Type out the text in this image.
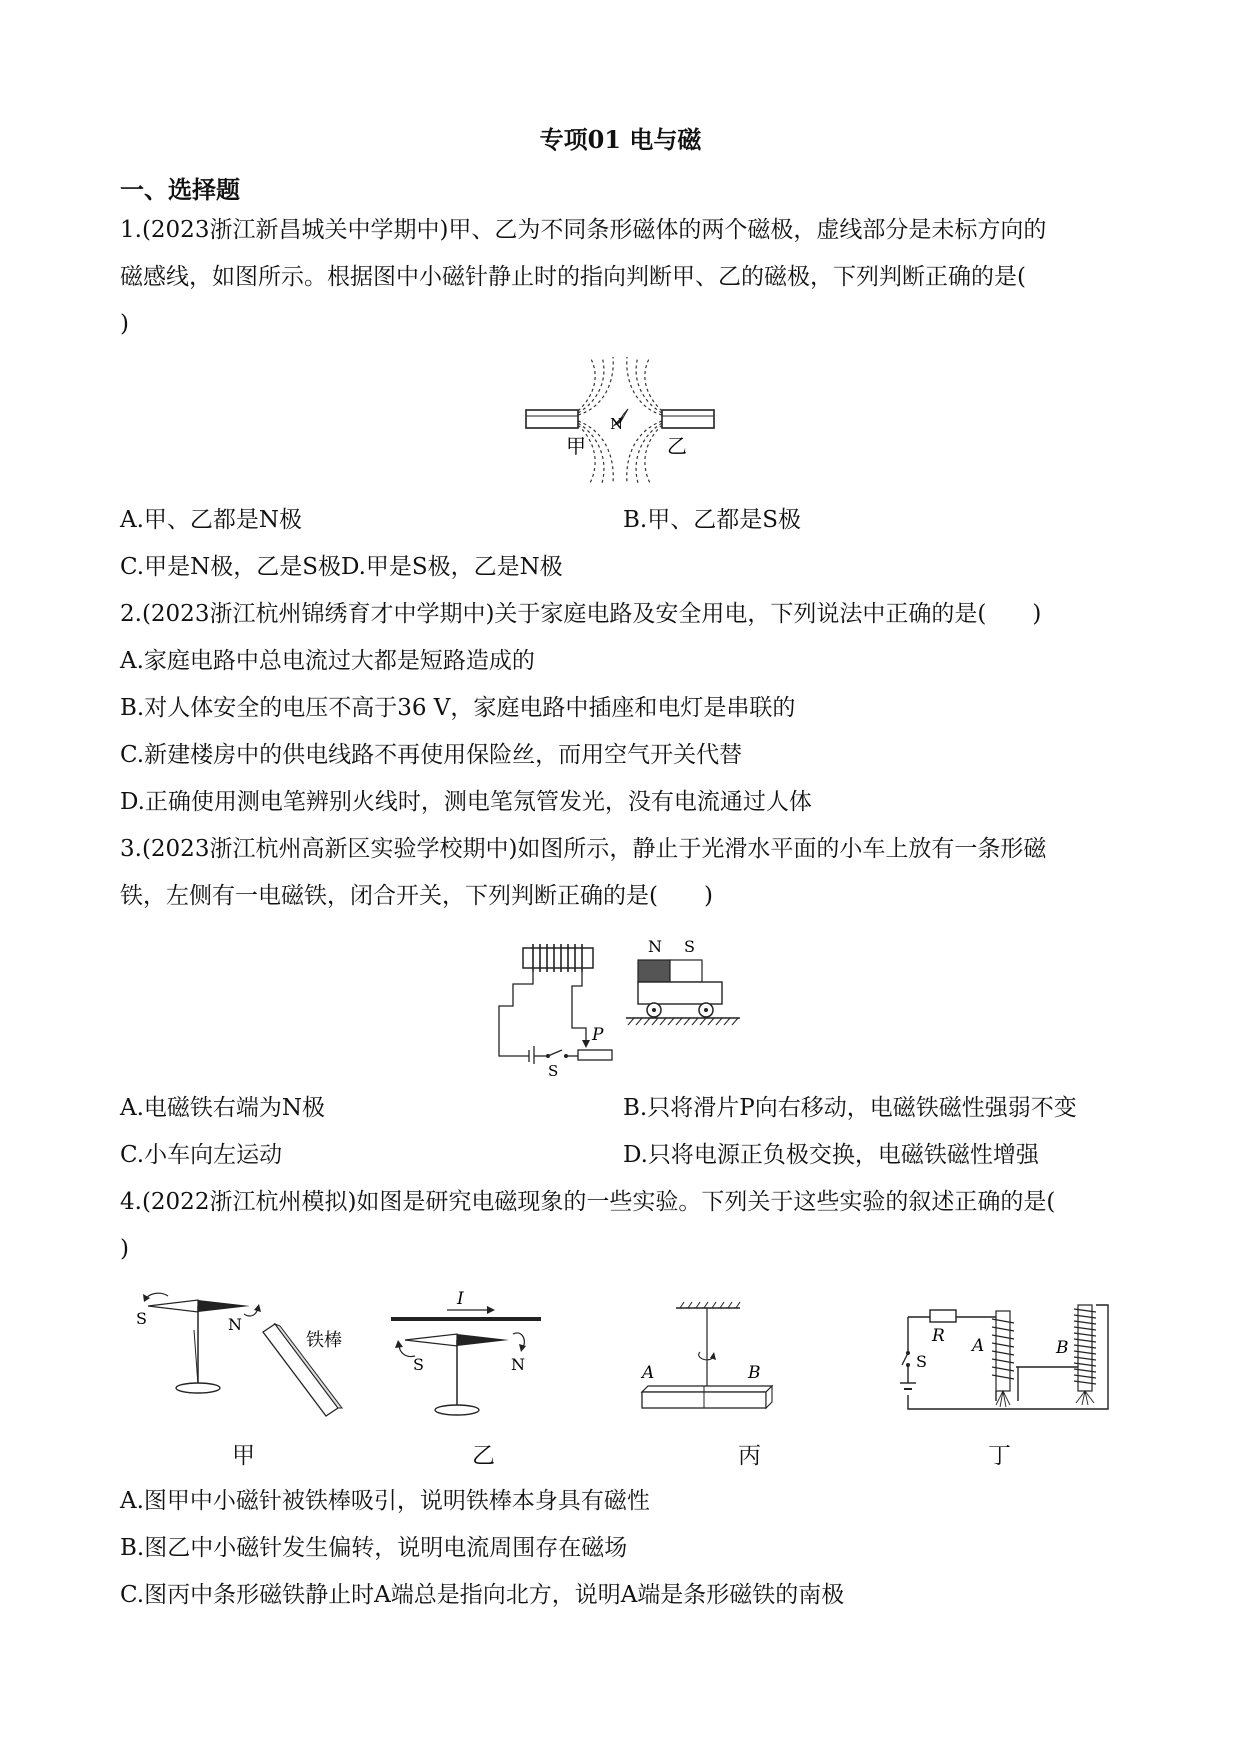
专项01 电与磁
一、选择题
1.(2023浙江新昌城关中学期中)甲、乙为不同条形磁体的两个磁极，虚线部分是未标方向的
磁感线，如图所示。根据图中小磁针静止时的指向判断甲、乙的磁极，下列判断正确的是(
)
甲	乙
N
A.甲、乙都是N极	B.甲、乙都是S极
C.甲是N极，乙是S极D.甲是S极，乙是N极
2.(2023浙江杭州锦绣育才中学期中)关于家庭电路及安全用电，下列说法中正确的是(　　)
A.家庭电路中总电流过大都是短路造成的
B.对人体安全的电压不高于36 V，家庭电路中插座和电灯是串联的
C.新建楼房中的供电线路不再使用保险丝，而用空气开关代替
D.正确使用测电笔辨别火线时，测电笔氖管发光，没有电流通过人体
3.(2023浙江杭州高新区实验学校期中)如图所示，静止于光滑水平面的小车上放有一条形磁
铁，左侧有一电磁铁，闭合开关，下列判断正确的是(　　)
P
S
N S
A.电磁铁右端为N极	B.只将滑片P向右移动，电磁铁磁性强弱不变
C.小车向左运动	D.只将电源正负极交换，电磁铁磁性增强
4.(2022浙江杭州模拟)如图是研究电磁现象的一些实验。下列关于这些实验的叙述正确的是(
)
S	N
铁棒
I
S	N	A	B
S
R A	B
甲	乙	丙	丁
A.图甲中小磁针被铁棒吸引，说明铁棒本身具有磁性
B.图乙中小磁针发生偏转，说明电流周围存在磁场
C.图丙中条形磁铁静止时A端总是指向北方，说明A端是条形磁铁的南极
